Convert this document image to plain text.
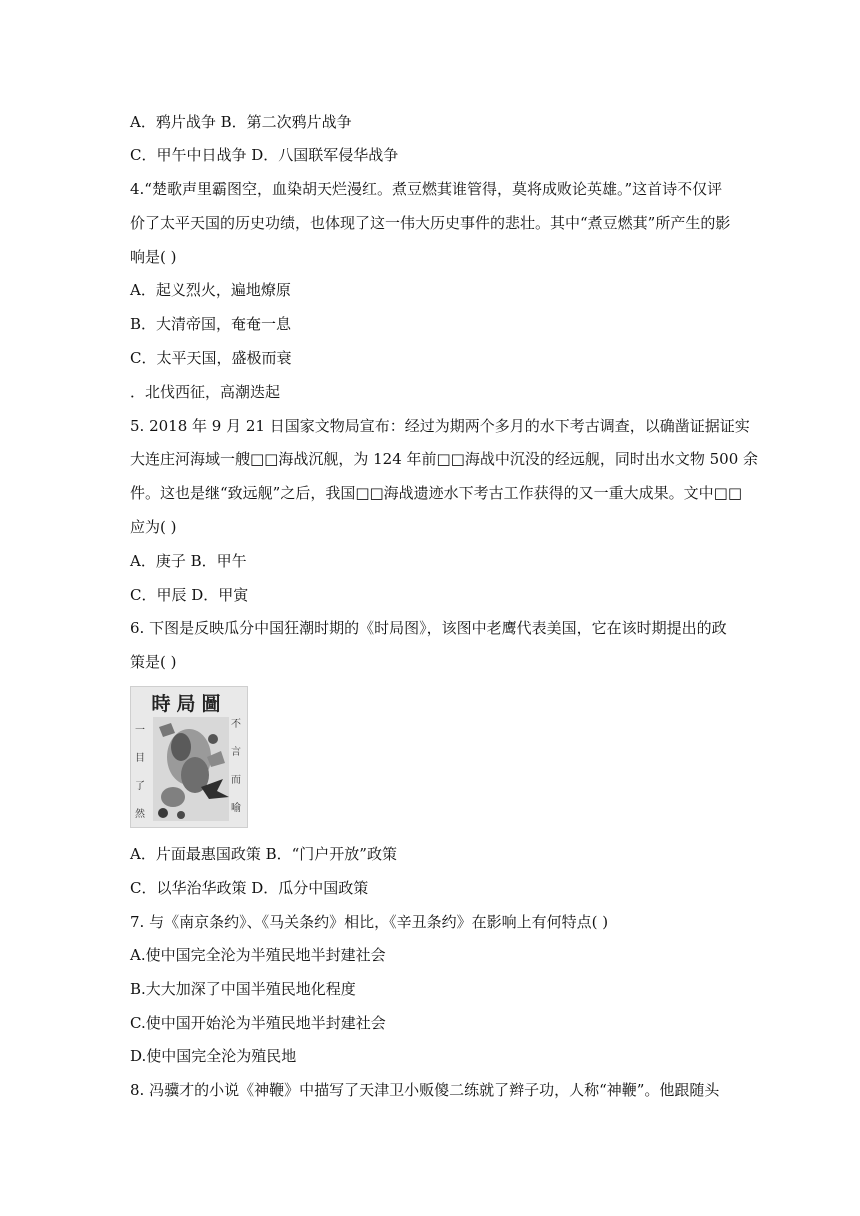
A．鸦片战争 B．第二次鸦片战争
C．甲午中日战争 D．八国联军侵华战争
4.“楚歌声里霸图空，血染胡天烂漫红。煮豆燃萁谁管得，莫将成败论英雄。”这首诗不仅评
价了太平天国的历史功绩，也体现了这一伟大历史事件的悲壮。其中“煮豆燃萁”所产生的影
响是( )
A．起义烈火，遍地燎原
B．大清帝国，奄奄一息
C．太平天国，盛极而衰
．北伐西征，高潮迭起
5. 2018 年 9 月 21 日国家文物局宣布：经过为期两个多月的水下考古调查，以确凿证据证实
大连庄河海域一艘□□海战沉舰，为 124 年前□□海战中沉没的经远舰，同时出水文物 500 余
件。这也是继“致远舰”之后，我国□□海战遗迹水下考古工作获得的又一重大成果。文中□□
应为( )
A．庚子 B．甲午
C．甲辰 D．甲寅
6. 下图是反映瓜分中国狂潮时期的《时局图》，该图中老鹰代表美国，它在该时期提出的政
策是( )
時局圖
一目了然
不言而喻
A．片面最惠国政策 B．“门户开放”政策
C．以华治华政策 D．瓜分中国政策
7. 与《南京条约》、《马关条约》相比，《辛丑条约》在影响上有何特点( )
A.使中国完全沦为半殖民地半封建社会
B.大大加深了中国半殖民地化程度
C.使中国开始沦为半殖民地半封建社会
D.使中国完全沦为殖民地
8. 冯骥才的小说《神鞭》中描写了天津卫小贩傻二练就了辫子功，人称“神鞭”。他跟随头
